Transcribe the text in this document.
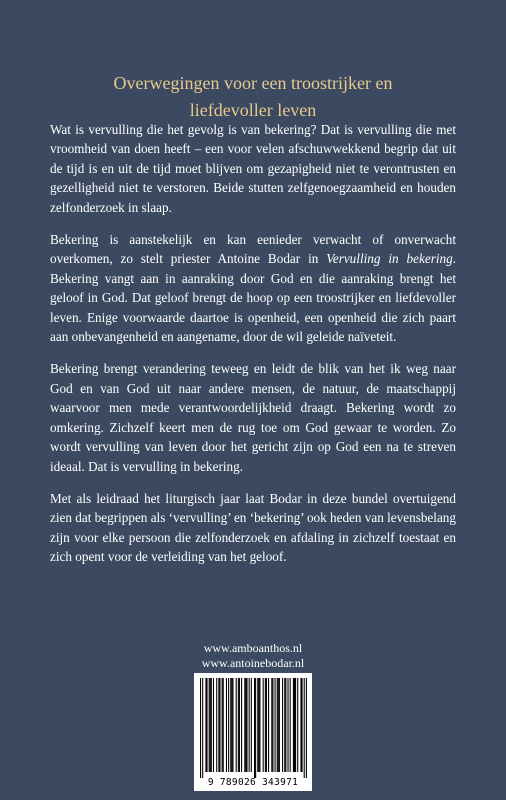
Overwegingen voor een troostrijker en
liefdevoller leven

Wat is vervulling die het gevolg is van bekering? Dat is vervulling die met vroomheid van doen heeft – een voor velen afschuwwekkend begrip dat uit de tijd is en uit de tijd moet blijven om gezapigheid niet te verontrusten en gezelligheid niet te verstoren. Beide stutten zelfgenoegzaamheid en houden zelfonderzoek in slaap.

Bekering is aanstekelijk en kan eenieder verwacht of onverwacht overkomen, zo stelt priester Antoine Bodar in Vervulling in bekering. Bekering vangt aan in aanraking door God en die aanraking brengt het geloof in God. Dat geloof brengt de hoop op een troostrijker en liefdevoller leven. Enige voorwaarde daartoe is openheid, een openheid die zich paart aan onbevangenheid en aangename, door de wil geleide naïveteit.

Bekering brengt verandering teweeg en leidt de blik van het ik weg naar God en van God uit naar andere mensen, de natuur, de maatschappij waarvoor men mede verantwoordelijkheid draagt. Bekering wordt zo omkering. Zichzelf keert men de rug toe om God gewaar te worden. Zo wordt vervulling van leven door het gericht zijn op God een na te streven ideaal. Dat is vervulling in bekering.

Met als leidraad het liturgisch jaar laat Bodar in deze bundel overtuigend zien dat begrippen als ‘vervulling’ en ‘bekering’ ook heden van levensbelang zijn voor elke persoon die zelfonderzoek en afdaling in zichzelf toestaat en zich opent voor de verleiding van het geloof.

www.amboanthos.nl
www.antoinebodar.nl
9 789026 343971
